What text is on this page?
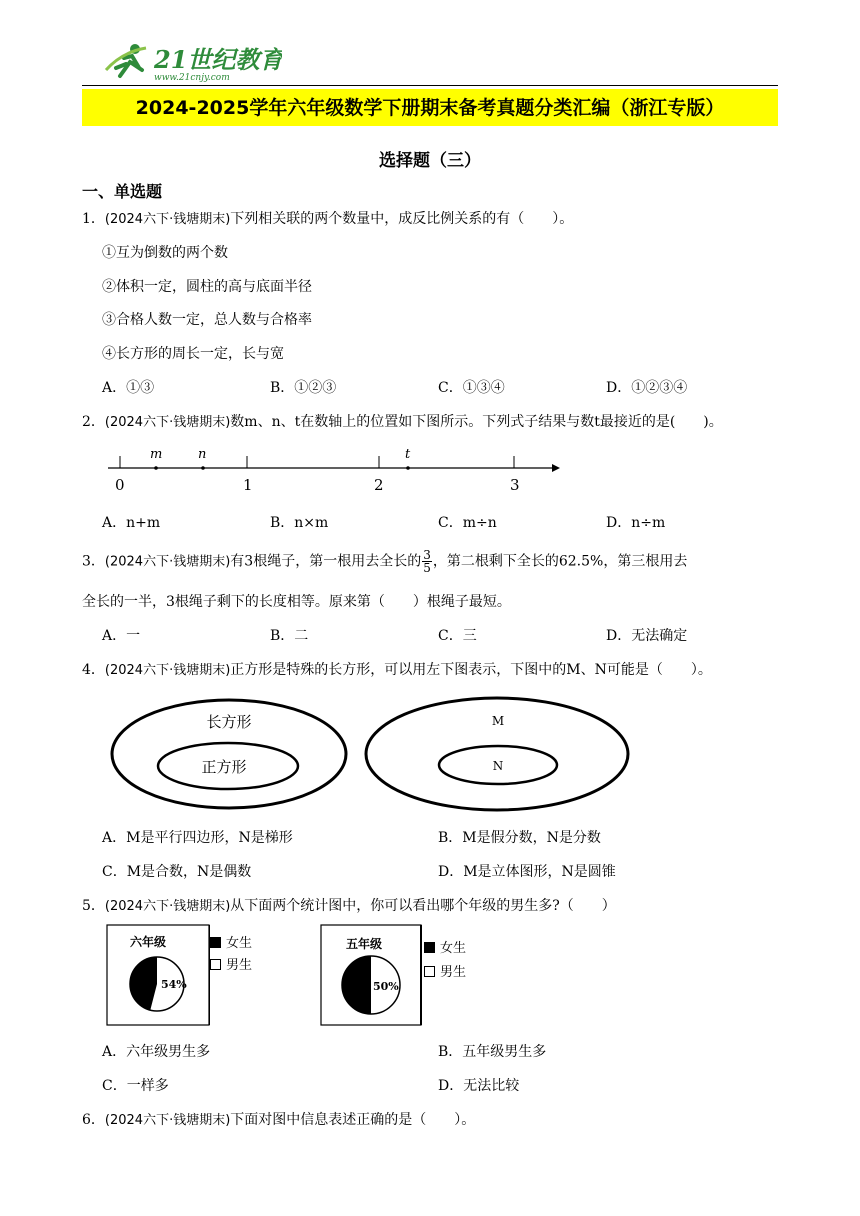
21世纪教育
www.21cnjy.com
2024-2025学年六年级数学下册期末备考真题分类汇编（浙江专版）
选择题（三）
一、单选题
1．(2024六下·钱塘期末)下列相关联的两个数量中，成反比例关系的有（　　）。
①互为倒数的两个数
②体积一定，圆柱的高与底面半径
③合格人数一定，总人数与合格率
④长方形的周长一定，长与宽
A．①③	B．①②③	C．①③④	D．①②③④
2．(2024六下·钱塘期末)数m、n、t在数轴上的位置如下图所示。下列式子结果与数t最接近的是(　　)。
m	n	t
0	1	2	3
A．n+m	B．n×m	C．m÷n	D．n÷m
3．(2024六下·钱塘期末)有3根绳子，第一根用去全长的 $\frac{3}{5}$ ，第二根剩下全长的62.5%，第三根用去
全长的一半，3根绳子剩下的长度相等。原来第（　　）根绳子最短。
A．一	B．二	C．三	D．无法确定
4．(2024六下·钱塘期末)正方形是特殊的长方形，可以用左下图表示，下图中的M、N可能是（　　）。
长方形
正方形
M
N
A．M是平行四边形，N是梯形	B．M是假分数，N是分数
C．M是合数，N是偶数	D．M是立体图形，N是圆锥
5．(2024六下·钱塘期末)从下面两个统计图中，你可以看出哪个年级的男生多?（　　）
六年级
54%
女生
男生
五年级
50%
女生
男生
A．六年级男生多	B．五年级男生多
C．一样多	D．无法比较
6．(2024六下·钱塘期末)下面对图中信息表述正确的是（　　）。
